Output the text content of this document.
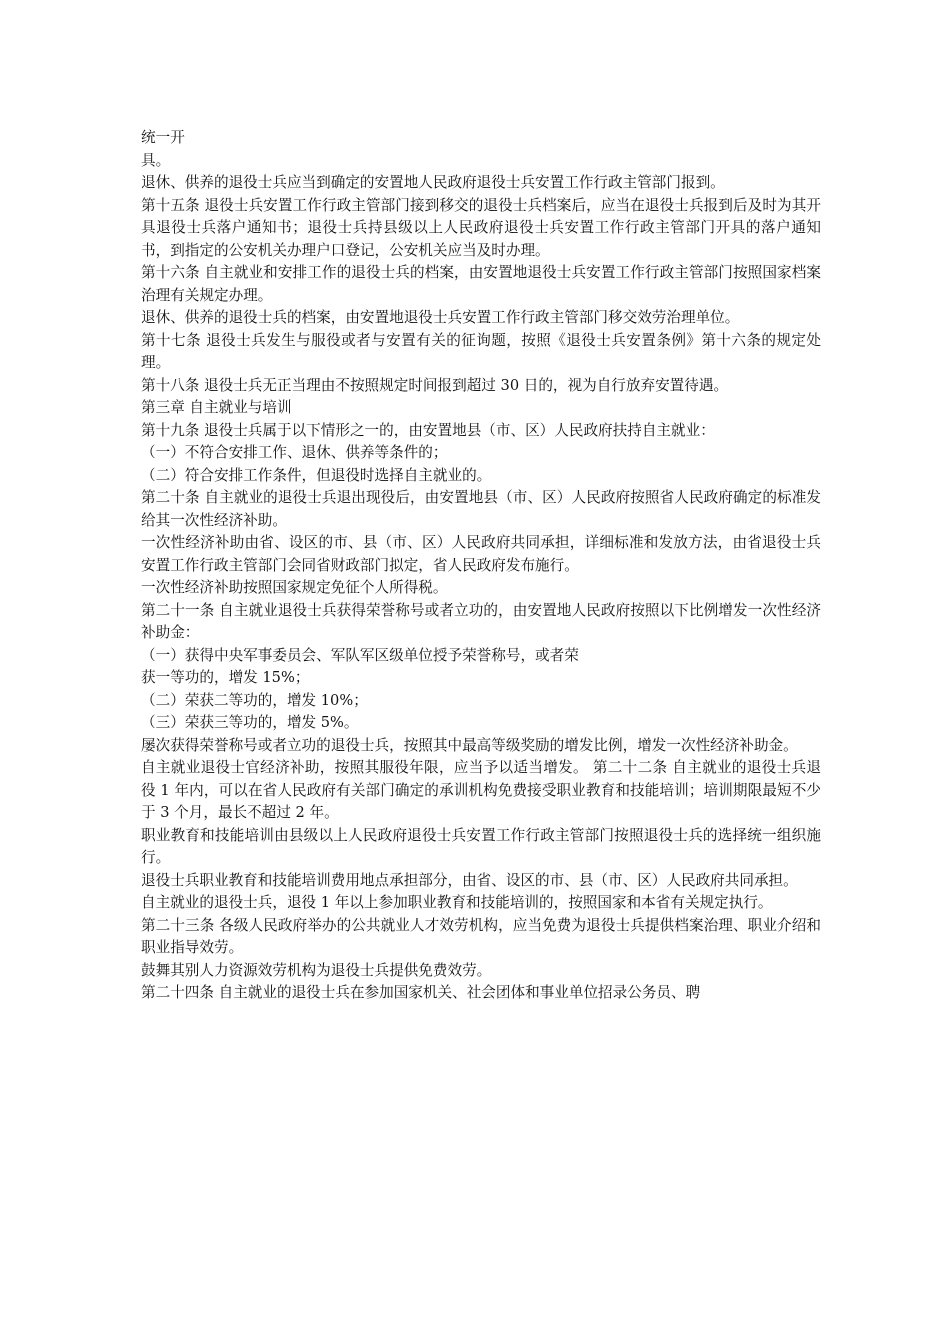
统一开

具。

退休、供养的退役士兵应当到确定的安置地人民政府退役士兵安置工作行政主管部门报到。

第十五条 退役士兵安置工作行政主管部门接到移交的退役士兵档案后，应当在退役士兵报到后及时为其开具退役士兵落户通知书；退役士兵持县级以上人民政府退役士兵安置工作行政主管部门开具的落户通知书，到指定的公安机关办理户口登记，公安机关应当及时办理。

第十六条 自主就业和安排工作的退役士兵的档案，由安置地退役士兵安置工作行政主管部门按照国家档案治理有关规定办理。

退休、供养的退役士兵的档案，由安置地退役士兵安置工作行政主管部门移交效劳治理单位。

第十七条 退役士兵发生与服役或者与安置有关的征询题，按照《退役士兵安置条例》第十六条的规定处理。

第十八条 退役士兵无正当理由不按照规定时间报到超过 30 日的，视为自行放弃安置待遇。

第三章 自主就业与培训

第十九条 退役士兵属于以下情形之一的，由安置地县（市、区）人民政府扶持自主就业：

（一）不符合安排工作、退休、供养等条件的；

（二）符合安排工作条件，但退役时选择自主就业的。

第二十条 自主就业的退役士兵退出现役后，由安置地县（市、区）人民政府按照省人民政府确定的标准发给其一次性经济补助。

一次性经济补助由省、设区的市、县（市、区）人民政府共同承担，详细标准和发放方法，由省退役士兵安置工作行政主管部门会同省财政部门拟定，省人民政府发布施行。

一次性经济补助按照国家规定免征个人所得税。

第二十一条 自主就业退役士兵获得荣誉称号或者立功的，由安置地人民政府按照以下比例增发一次性经济补助金：

（一）获得中央军事委员会、军队军区级单位授予荣誉称号，或者荣

获一等功的，增发 15%；

（二）荣获二等功的，增发 10%；

（三）荣获三等功的，增发 5%。

屡次获得荣誉称号或者立功的退役士兵，按照其中最高等级奖励的增发比例，增发一次性经济补助金。

自主就业退役士官经济补助，按照其服役年限，应当予以适当增发。 第二十二条 自主就业的退役士兵退役 1 年内，可以在省人民政府有关部门确定的承训机构免费接受职业教育和技能培训；培训期限最短不少于 3 个月，最长不超过 2 年。

职业教育和技能培训由县级以上人民政府退役士兵安置工作行政主管部门按照退役士兵的选择统一组织施行。

退役士兵职业教育和技能培训费用地点承担部分，由省、设区的市、县（市、区）人民政府共同承担。

自主就业的退役士兵，退役 1 年以上参加职业教育和技能培训的，按照国家和本省有关规定执行。

第二十三条 各级人民政府举办的公共就业人才效劳机构，应当免费为退役士兵提供档案治理、职业介绍和职业指导效劳。

鼓舞其别人力资源效劳机构为退役士兵提供免费效劳。

第二十四条 自主就业的退役士兵在参加国家机关、社会团体和事业单位招录公务员、聘
